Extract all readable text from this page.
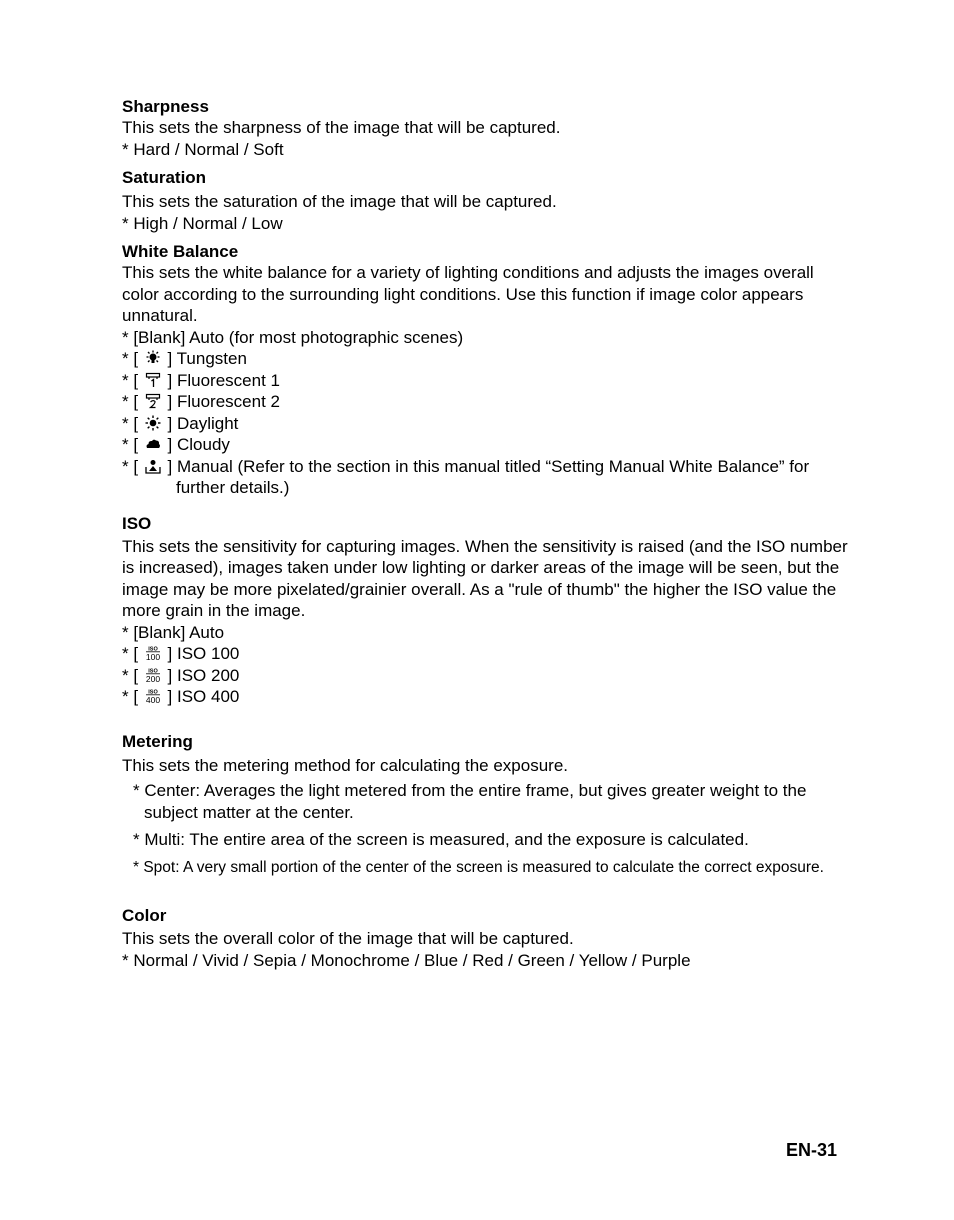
Sharpness
This sets the sharpness of the image that will be captured.
* Hard / Normal / Soft
Saturation
This sets the saturation of the image that will be captured.
* High / Normal / Low
White Balance
This sets the white balance for a variety of lighting conditions and adjusts the images overall color according to the surrounding light conditions. Use this function if image color appears unnatural.
* [Blank] Auto (for most photographic scenes)
* [ ] Tungsten
* [ ] Fluorescent 1
* [ ] Fluorescent 2
* [ ] Daylight
* [ ] Cloudy
* [ ] Manual (Refer to the section in this manual titled “Setting Manual White Balance” for further details.)
ISO
This sets the sensitivity for capturing images. When the sensitivity is raised (and the ISO number is increased), images taken under low lighting or darker areas of the image will be seen, but the image may be more pixelated/grainier overall. As a "rule of thumb" the higher the ISO value the more grain in the image.
* [Blank] Auto
* [ ISO
100 ] ISO 100
* [ ISO
200 ] ISO 200
* [ ISO
400 ] ISO 400
Metering
This sets the metering method for calculating the exposure.
* Center: Averages the light metered from the entire frame, but gives greater weight to the subject matter at the center.
* Multi: The entire area of the screen is measured, and the exposure is calculated.
* Spot: A very small portion of the center of the screen is measured to calculate the correct exposure.
Color
This sets the overall color of the image that will be captured.
* Normal / Vivid / Sepia / Monochrome / Blue / Red / Green / Yellow / Purple
EN-31
